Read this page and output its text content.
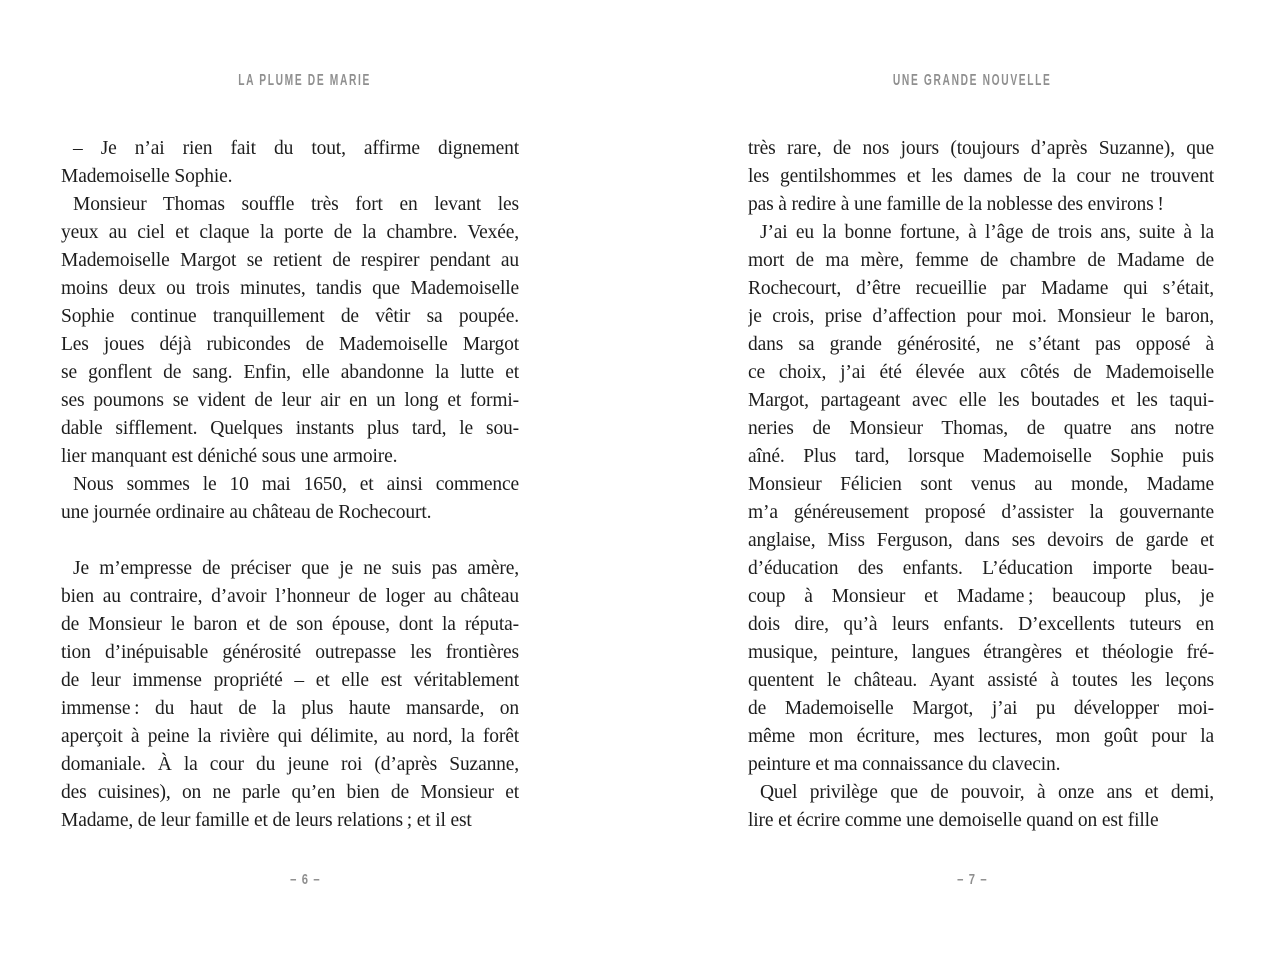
LA PLUME DE MARIE
– Je n’ai rien fait du tout, affirme dignement
Mademoiselle Sophie.
Monsieur Thomas souffle très fort en levant les
yeux au ciel et claque la porte de la chambre. Vexée,
Mademoiselle Margot se retient de respirer pendant au
moins deux ou trois minutes, tandis que Mademoiselle
Sophie continue tranquillement de vêtir sa poupée.
Les joues déjà rubicondes de Mademoiselle Margot
se gonflent de sang. Enfin, elle abandonne la lutte et
ses poumons se vident de leur air en un long et formi-
dable sifflement. Quelques instants plus tard, le sou-
lier manquant est déniché sous une armoire.
Nous sommes le 10 mai 1650, et ainsi commence
une journée ordinaire au château de Rochecourt.
Je m’empresse de préciser que je ne suis pas amère,
bien au contraire, d’avoir l’honneur de loger au château
de Monsieur le baron et de son épouse, dont la réputa-
tion d’inépuisable générosité outrepasse les frontières
de leur immense propriété – et elle est véritablement
immense : du haut de la plus haute mansarde, on
aperçoit à peine la rivière qui délimite, au nord, la forêt
domaniale. À la cour du jeune roi (d’après Suzanne,
des cuisines), on ne parle qu’en bien de Monsieur et
Madame, de leur famille et de leurs relations ; et il est
– 6 –
UNE GRANDE NOUVELLE
très rare, de nos jours (toujours d’après Suzanne), que
les gentilshommes et les dames de la cour ne trouvent
pas à redire à une famille de la noblesse des environs !
J’ai eu la bonne fortune, à l’âge de trois ans, suite à la
mort de ma mère, femme de chambre de Madame de
Rochecourt, d’être recueillie par Madame qui s’était,
je crois, prise d’affection pour moi. Monsieur le baron,
dans sa grande générosité, ne s’étant pas opposé à
ce choix, j’ai été élevée aux côtés de Mademoiselle
Margot, partageant avec elle les boutades et les taqui-
neries de Monsieur Thomas, de quatre ans notre
aîné. Plus tard, lorsque Mademoiselle Sophie puis
Monsieur Félicien sont venus au monde, Madame
m’a généreusement proposé d’assister la gouvernante
anglaise, Miss Ferguson, dans ses devoirs de garde et
d’éducation des enfants. L’éducation importe beau-
coup à Monsieur et Madame ; beaucoup plus, je
dois dire, qu’à leurs enfants. D’excellents tuteurs en
musique, peinture, langues étrangères et théologie fré-
quentent le château. Ayant assisté à toutes les leçons
de Mademoiselle Margot, j’ai pu développer moi-
même mon écriture, mes lectures, mon goût pour la
peinture et ma connaissance du clavecin.
Quel privilège que de pouvoir, à onze ans et demi,
lire et écrire comme une demoiselle quand on est fille
– 7 –
